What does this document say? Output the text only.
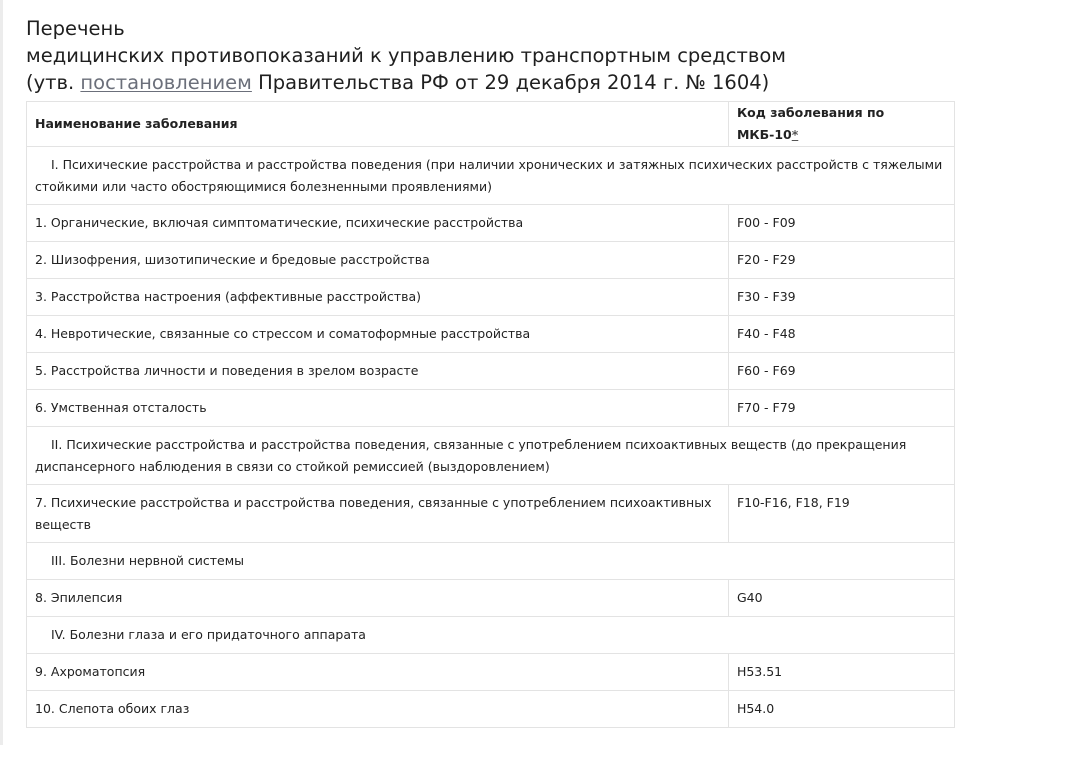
Перечень
медицинских противопоказаний к управлению транспортным средством
(утв. постановлением Правительства РФ от 29 декабря 2014 г. № 1604)
Наименование заболевания	Код заболевания по МКБ-10*
I. Психические расстройства и расстройства поведения (при наличии хронических и затяжных психических расстройств с тяжелыми стойкими или часто обостряющимися болезненными проявлениями)	
1. Органические, включая симптоматические, психические расстройства	F00 - F09
2. Шизофрения, шизотипические и бредовые расстройства	F20 - F29
3. Расстройства настроения (аффективные расстройства)	F30 - F39
4. Невротические, связанные со стрессом и соматоформные расстройства	F40 - F48
5. Расстройства личности и поведения в зрелом возрасте	F60 - F69
6. Умственная отсталость	F70 - F79
II. Психические расстройства и расстройства поведения, связанные с употреблением психоактивных веществ (до прекращения диспансерного наблюдения в связи со стойкой ремиссией (выздоровлением)	
7. Психические расстройства и расстройства поведения, связанные с употреблением психоактивных веществ	F10-F16, F18, F19
III. Болезни нервной системы	
8. Эпилепсия	G40
IV. Болезни глаза и его придаточного аппарата	
9. Ахроматопсия	H53.51
10. Слепота обоих глаз	H54.0
